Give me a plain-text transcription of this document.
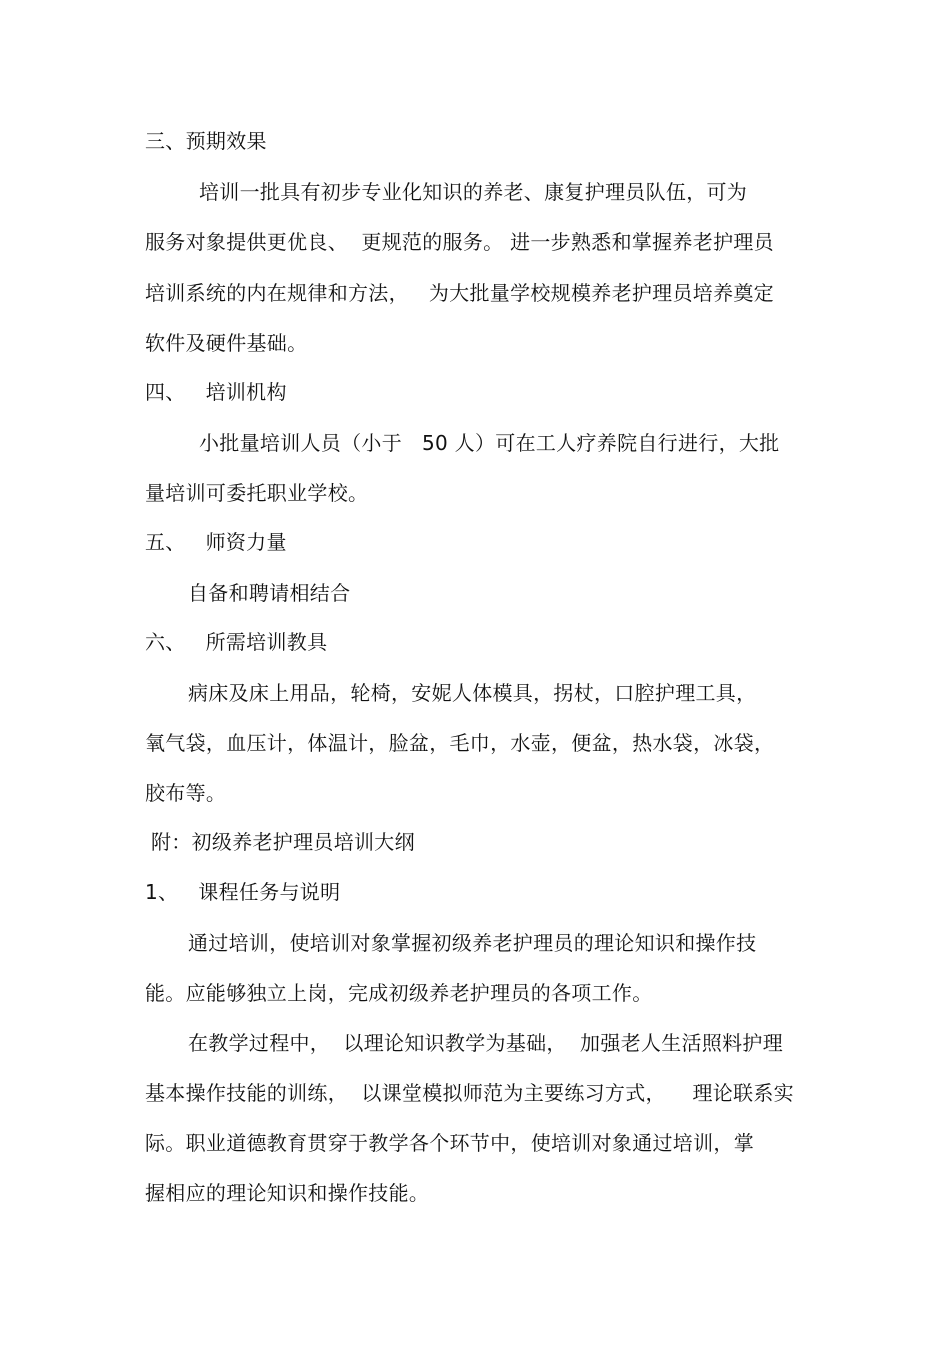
三、预期效果
培训一批具有初步专业化知识的养老、康复护理员队伍，可为
服务对象提供更优良、  更规范的服务。 进一步熟悉和掌握养老护理员
培训系统的内在规律和方法，   为大批量学校规模养老护理员培养奠定
软件及硬件基础。
四、   培训机构
小批量培训人员（小于   50 人）可在工人疗养院自行进行，大批
量培训可委托职业学校。
五、   师资力量
自备和聘请相结合
六、   所需培训教具
病床及床上用品，轮椅，安妮人体模具，拐杖，口腔护理工具，
氧气袋，血压计，体温计，脸盆，毛巾，水壶，便盆，热水袋，冰袋，
胶布等。
附：初级养老护理员培训大纲
1、   课程任务与说明
通过培训，使培训对象掌握初级养老护理员的理论知识和操作技
能。应能够独立上岗，完成初级养老护理员的各项工作。
在教学过程中，  以理论知识教学为基础，  加强老人生活照料护理
基本操作技能的训练，  以课堂模拟师范为主要练习方式，    理论联系实
际。职业道德教育贯穿于教学各个环节中，使培训对象通过培训，掌
握相应的理论知识和操作技能。
